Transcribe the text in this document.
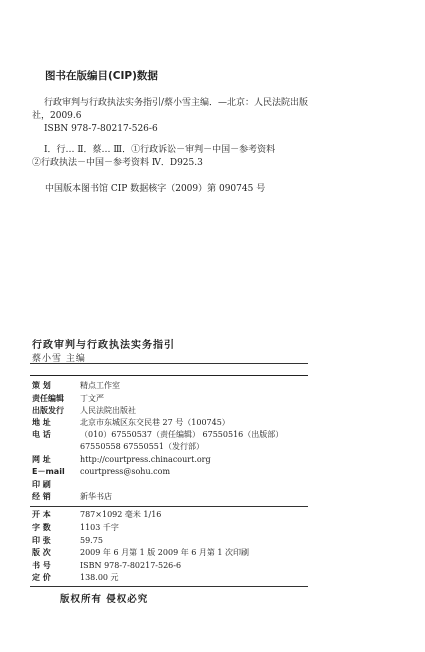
图书在版编目(CIP)数据
行政审判与行政执法实务指引/蔡小雪主编．—北京：人民法院出版
社，2009.6
ISBN 978-7-80217-526-6
Ⅰ．行… Ⅱ．蔡… Ⅲ．①行政诉讼－审判－中国－参考资料
②行政执法－中国－参考资料 Ⅳ．D925.3
中国版本图书馆 CIP 数据核字（2009）第 090745 号
行政审判与行政执法实务指引
蔡小雪 主编
策 划	精点工作室
责任编辑	丁文严
出版发行	人民法院出版社
地 址	北京市东城区东交民巷 27 号（100745）
电 话	（010）67550537（责任编辑） 67550516（出版部）
67550558 67550551（发行部）
网 址	http://courtpress.chinacourt.org
E－mail	courtpress@sohu.com
印 刷
经 销	新华书店
开 本	787×1092 毫米 1/16
字 数	1103 千字
印 张	59.75
版 次	2009 年 6 月第 1 版 2009 年 6 月第 1 次印刷
书 号	ISBN 978-7-80217-526-6
定 价	138.00 元
版权所有 侵权必究
